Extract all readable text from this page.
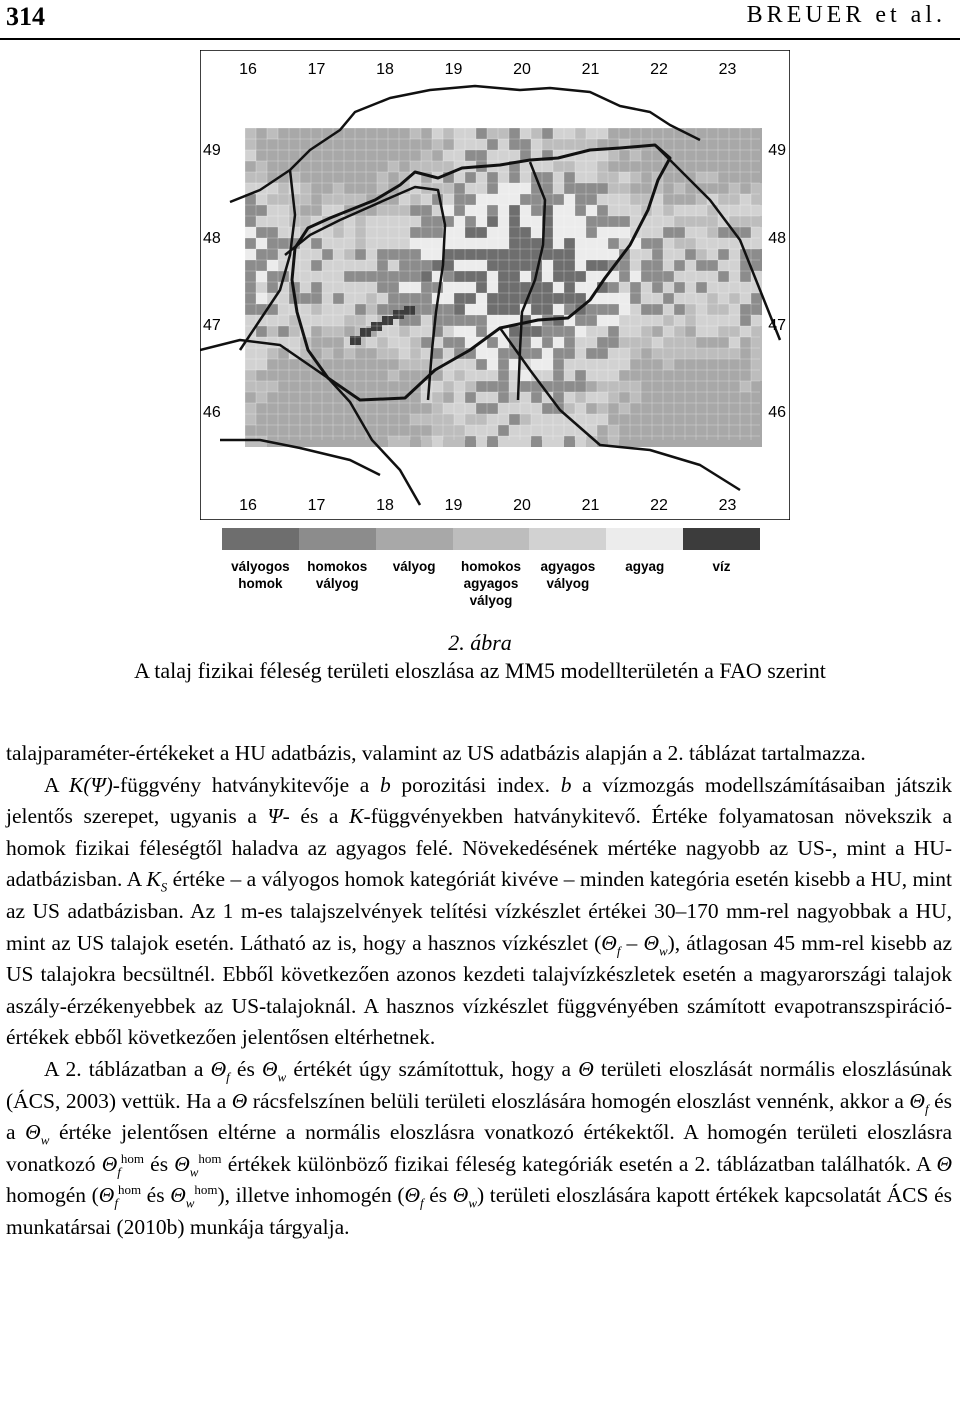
314	BREUER et al.
16	17	18	19	20	21	22	23
16	17	18	19	20	21	22	23
49	49
48	48
47	47
46	46
vályogos
homok
homokos
vályog
vályog	homokos
agyagos
vályog
agyagos
vályog
agyag	víz
2. ábra
A talaj fizikai féleség területi eloszlása az MM5 modellterületén a FAO szerint

talajparaméter-értékeket a HU adatbázis, valamint az US adatbázis alapján a 2. táblázat tartalmazza.

A K(Ψ)-függvény hatványkitevője a b porozitási index. b a vízmozgás modellszámításaiban játszik jelentős szerepet, ugyanis a Ψ- és a K-függvényekben hatványkitevő. Értéke folyamatosan növekszik a homok fizikai féleségtől haladva az agyagos felé. Növekedésének mértéke nagyobb az US-, mint a HU-adatbázisban. A $K_S$ értéke – a vályogos homok kategóriát kivéve – minden kategória esetén kisebb a HU, mint az US adatbázisban. Az 1 m-es talajszelvények telítési vízkészlet értékei 30–170 mm-rel nagyobbak a HU, mint az US talajok esetén. Látható az is, hogy a hasznos vízkészlet $(\Theta_f - \Theta_w)$, átlagosan 45 mm-rel kisebb az US talajokra becsültnél. Ebből következően azonos kezdeti talajvízkészletek esetén a magyarországi talajok aszály-érzékenyebbek az US-talajoknál. A hasznos vízkészlet függvényében számított evapotranszspiráció-értékek ebből következően jelentősen eltérhetnek.

A 2. táblázatban a $\Theta_f$ és $\Theta_w$ értékét úgy számítottuk, hogy a Θ területi eloszlását normális eloszlásúnak (ÁCS, 2003) vettük. Ha a Θ rácsfelszínen belüli területi eloszlására homogén eloszlást vennénk, akkor a $\Theta_f$ és a $\Theta_w$ értéke jelentősen eltérne a normális eloszlásra vonatkozó értékektől. A homogén területi eloszlásra vonatkozó $\Theta_f^{hom}$ és $\Theta_w^{hom}$ értékek különböző fizikai féleség kategóriák esetén a 2. táblázatban találhatók. A Θ homogén ($\Theta_f^{hom}$ és $\Theta_w^{hom}$), illetve inhomogén ($\Theta_f$ és $\Theta_w$) területi eloszlására kapott értékek kapcsolatát ÁCS és munkatársai (2010b) munkája tárgyalja.
